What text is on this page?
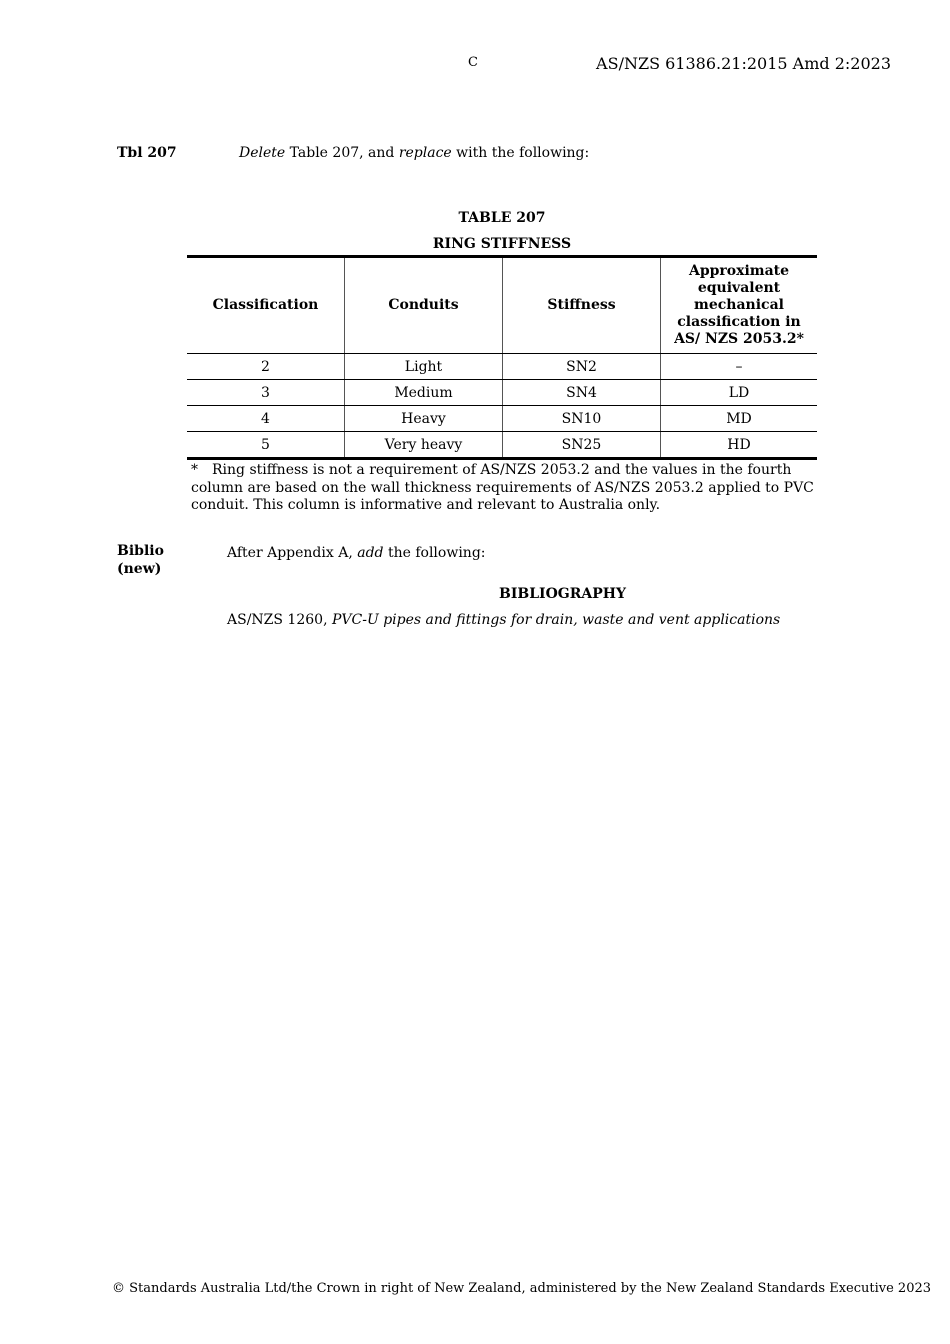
C	AS/NZS 61386.21:2015 Amd 2:2023
Tbl 207	Delete Table 207, and replace with the following:
TABLE 207
RING STIFFNESS
Classification	Conduits	Stiffness	Approximate equivalent mechanical classification in AS/ NZS 2053.2*
2	Light	SN2	–
3	Medium	SN4	LD
4	Heavy	SN10	MD
5	Very heavy	SN25	HD
* Ring stiffness is not a requirement of AS/NZS 2053.2 and the values in the fourth column are based on the wall thickness requirements of AS/NZS 2053.2 applied to PVC conduit. This column is informative and relevant to Australia only.
Biblio
(new)
After Appendix A, add the following:
BIBLIOGRAPHY
AS/NZS 1260, PVC-U pipes and fittings for drain, waste and vent applications
© Standards Australia Ltd/the Crown in right of New Zealand, administered by the New Zealand Standards Executive 2023
